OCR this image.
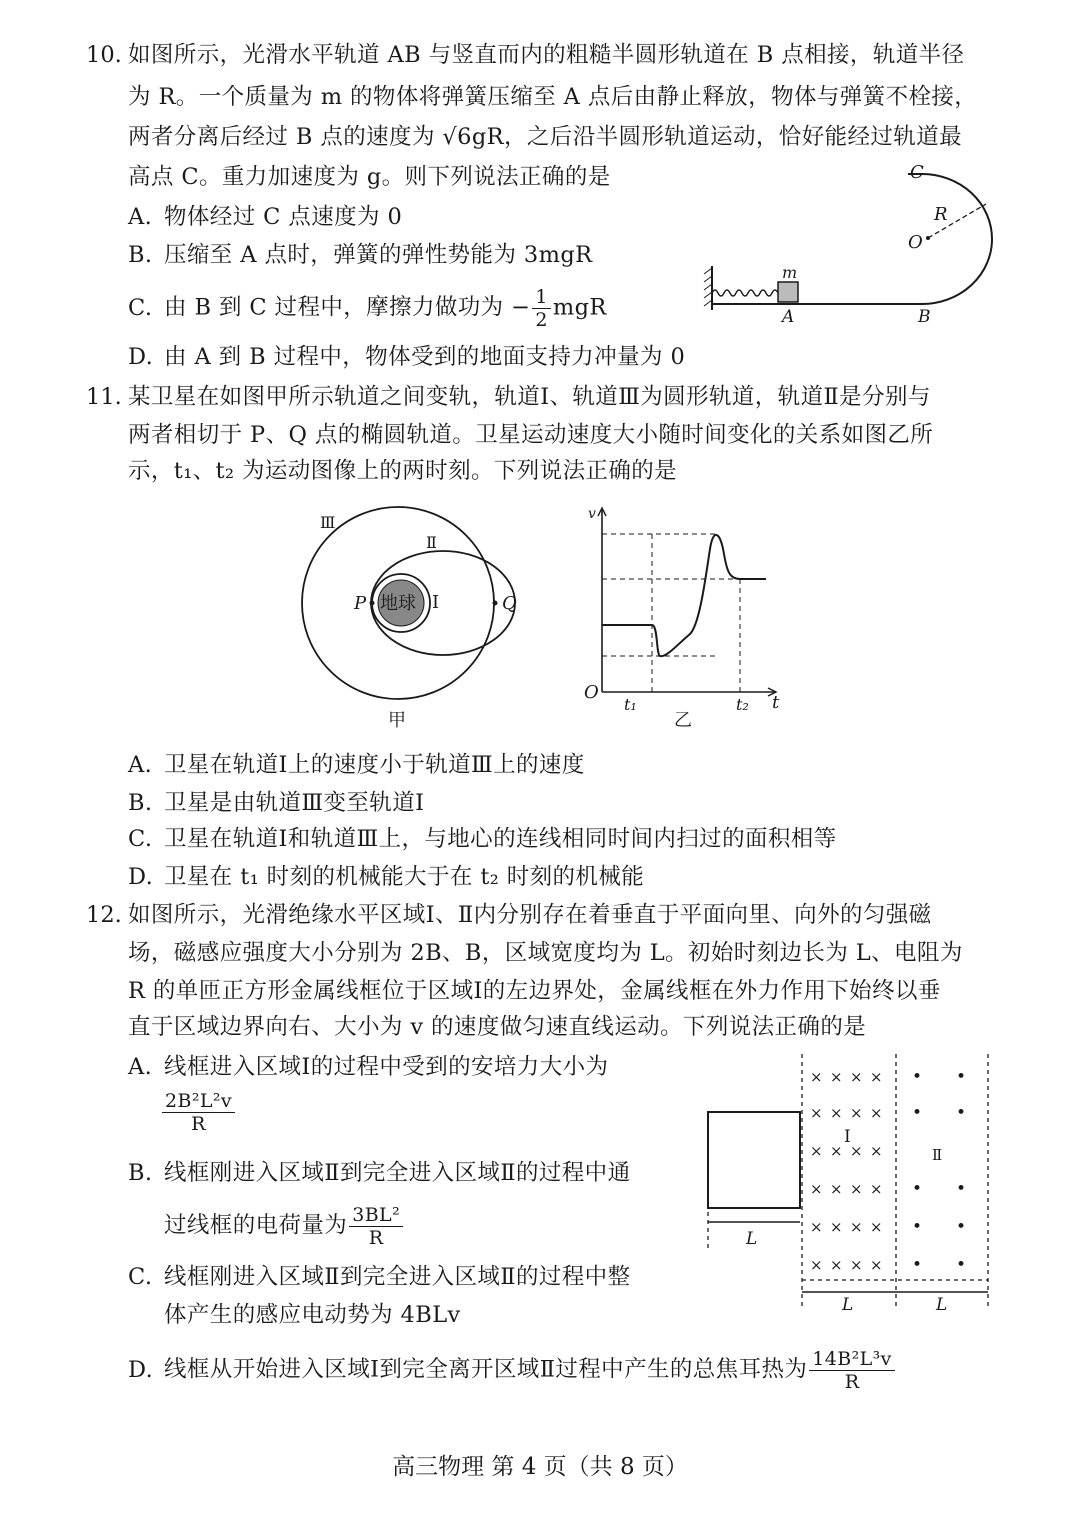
10. 如图所示，光滑水平轨道 AB 与竖直而内的粗糙半圆形轨道在 B 点相接，轨道半径
为 R。一个质量为 m 的物体将弹簧压缩至 A 点后由静止释放，物体与弹簧不栓接，
两者分离后经过 B 点的速度为 √6gR，之后沿半圆形轨道运动，恰好能经过轨道最
高点 C。重力加速度为 g。则下列说法正确的是
A. 物体经过 C 点速度为 0
B. 压缩至 A 点时，弹簧的弹性势能为 3mgR
C. 由 B 到 C 过程中，摩擦力做功为 − $\frac{1}{2}$ mgR
D. 由 A 到 B 过程中，物体受到的地面支持力冲量为 0
C
R
O
m
A	B
11. 某卫星在如图甲所示轨道之间变轨，轨道Ⅰ、轨道Ⅲ为圆形轨道，轨道Ⅱ是分别与
两者相切于 P、Q 点的椭圆轨道。卫星运动速度大小随时间变化的关系如图乙所
示，t₁、t₂ 为运动图像上的两时刻。下列说法正确的是
地球 Ⅰ
Ⅱ
Ⅲ
P	Q
甲
v
t
O
t₁	t₂
乙
A. 卫星在轨道Ⅰ上的速度小于轨道Ⅲ上的速度
B. 卫星是由轨道Ⅲ变至轨道Ⅰ
C. 卫星在轨道Ⅰ和轨道Ⅲ上，与地心的连线相同时间内扫过的面积相等
D. 卫星在 t₁ 时刻的机械能大于在 t₂ 时刻的机械能
12. 如图所示，光滑绝缘水平区域Ⅰ、Ⅱ内分别存在着垂直于平面向里、向外的匀强磁
场，磁感应强度大小分别为 2B、B，区域宽度均为 L。初始时刻边长为 L、电阻为
R 的单匝正方形金属线框位于区域Ⅰ的左边界处，金属线框在外力作用下始终以垂
直于区域边界向右、大小为 v 的速度做匀速直线运动。下列说法正确的是
A. 线框进入区域Ⅰ的过程中受到的安培力大小为
$\frac{\text{2B²L²v}}{R}$
B. 线框刚进入区域Ⅱ到完全进入区域Ⅱ的过程中通
过线框的电荷量为 $\frac{\text{3BL²}}{R}$
C. 线框刚进入区域Ⅱ到完全进入区域Ⅱ的过程中整
体产生的感应电动势为 4BLv
D. 线框从开始进入区域Ⅰ到完全离开区域Ⅱ过程中产生的总焦耳热为 $\frac{\text{14B²L³v}}{R}$
L
L	L
× × × ×
× × × ×
× × × ×
× × × ×
× × × ×
× × × ×
Ⅰ
• •
• •
• •
• •
• •
Ⅱ
高三物理 第 4 页（共 8 页）
